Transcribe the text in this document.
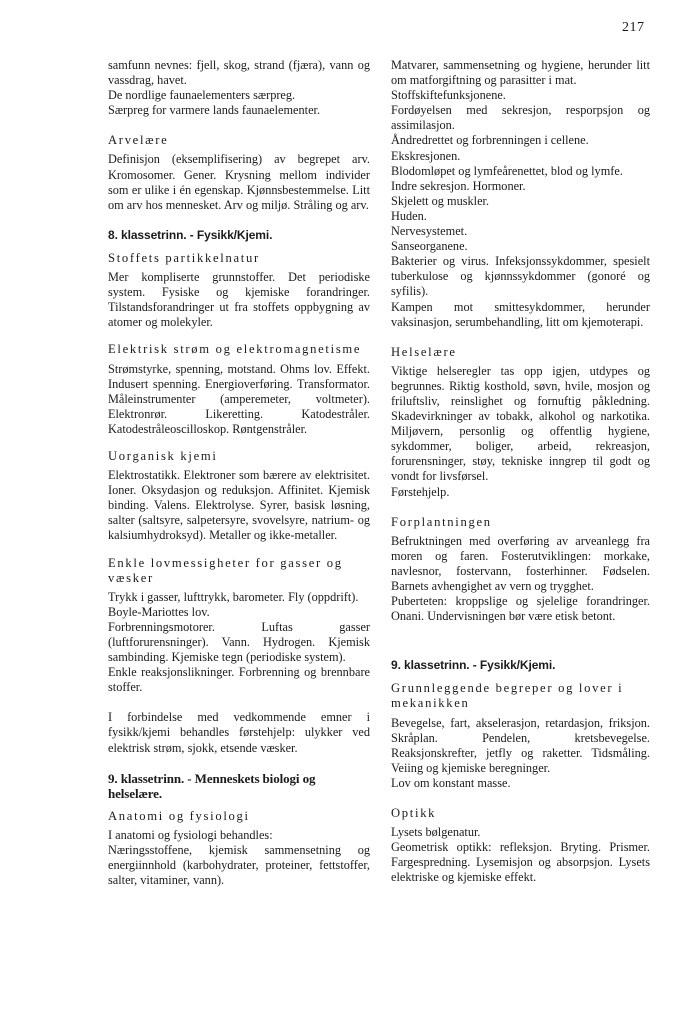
217

samfunn nevnes: fjell, skog, strand (fjæra), vann og vassdrag, havet.

De nordlige faunaelementers særpreg.

Særpreg for varmere lands faunaelementer.

Arvelære

Definisjon (eksemplifisering) av begrepet arv. Kromosomer. Gener. Krysning mellom individer som er ulike i én egenskap. Kjønnsbestemmelse. Litt om arv hos mennesket. Arv og miljø. Stråling og arv.

8. klassetrinn. - Fysikk/Kjemi.
Stoffets partikkelnatur

Mer kompliserte grunnstoffer. Det periodiske system. Fysiske og kjemiske forandringer. Tilstandsforandringer ut fra stoffets oppbygning av atomer og molekyler.

Elektrisk strøm og elektromagnetisme

Strømstyrke, spenning, motstand. Ohms lov. Effekt. Indusert spenning. Energioverføring. Transformator. Måleinstrumenter (amperemeter, voltmeter). Elektronrør. Likeretting. Katodestråler. Katodestråleoscilloskop. Røntgenstråler.

Uorganisk kjemi

Elektrostatikk. Elektroner som bærere av elektrisitet. Ioner. Oksydasjon og reduksjon. Affinitet. Kjemisk binding. Valens. Elektrolyse. Syrer, basisk løsning, salter (saltsyre, salpetersyre, svovelsyre, natrium- og kalsiumhydroksyd). Metaller og ikke-metaller.

Enkle lovmessigheter for gasser og væsker

Trykk i gasser, lufttrykk, barometer. Fly (oppdrift).

Boyle-Mariottes lov.

Forbrenningsmotorer. Luftas gasser (luftforurensninger). Vann. Hydrogen. Kjemisk sambinding. Kjemiske tegn (periodiske system).

Enkle reaksjonslikninger. Forbrenning og brennbare stoffer.

I forbindelse med vedkommende emner i fysikk/kjemi behandles førstehjelp: ulykker ved elektrisk strøm, sjokk, etsende væsker.

9. klassetrinn. - Menneskets biologi og helselære.
Anatomi og fysiologi

I anatomi og fysiologi behandles:

Næringsstoffene, kjemisk sammensetning og energiinnhold (karbohydrater, proteiner, fettstoffer, salter, vitaminer, vann).

Matvarer, sammensetning og hygiene, herunder litt om matforgiftning og parasitter i mat.

Stoffskiftefunksjonene.

Fordøyelsen med sekresjon, resporpsjon og assimilasjon.

Åndredrettet og forbrenningen i cellene.

Ekskresjonen.

Blodomløpet og lymfeårenettet, blod og lymfe.

Indre sekresjon. Hormoner.

Skjelett og muskler.

Huden.

Nervesystemet.

Sanseorganene.

Bakterier og virus. Infeksjonssykdommer, spesielt tuberkulose og kjønnssykdommer (gonoré og syfilis).

Kampen mot smittesykdommer, herunder vaksinasjon, serumbehandling, litt om kjemoterapi.

Helselære

Viktige helseregler tas opp igjen, utdypes og begrunnes. Riktig kosthold, søvn, hvile, mosjon og friluftsliv, reinslighet og fornuftig påkledning. Skadevirkninger av tobakk, alkohol og narkotika. Miljøvern, personlig og offentlig hygiene, sykdommer, boliger, arbeid, rekreasjon, forurensninger, støy, tekniske inngrep til godt og vondt for livsførsel.

Førstehjelp.

Forplantningen

Befruktningen med overføring av arveanlegg fra moren og faren. Fosterutviklingen: morkake, navlesnor, fostervann, fosterhinner. Fødselen. Barnets avhengighet av vern og trygghet.

Puberteten: kroppslige og sjelelige forandringer. Onani. Undervisningen bør være etisk betont.

9. klassetrinn. - Fysikk/Kjemi.
Grunnleggende begreper og lover i mekanikken

Bevegelse, fart, akselerasjon, retardasjon, friksjon. Skråplan. Pendelen, kretsbevegelse. Reaksjonskrefter, jetfly og raketter. Tidsmåling. Veiing og kjemiske beregninger.

Lov om konstant masse.

Optikk

Lysets bølgenatur.

Geometrisk optikk: refleksjon. Bryting. Prismer. Fargespredning. Lysemisjon og absorpsjon. Lysets elektriske og kjemiske effekt.
